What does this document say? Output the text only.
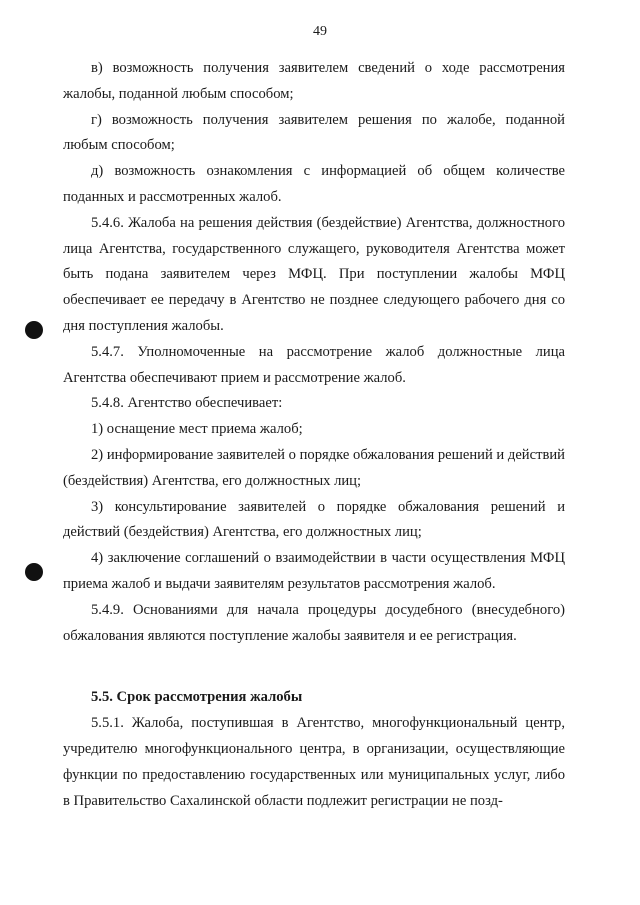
49

в) возможность получения заявителем сведений о ходе рассмотрения жалобы, поданной любым способом;

г) возможность получения заявителем решения по жалобе, поданной любым способом;

д) возможность ознакомления с информацией об общем количестве поданных и рассмотренных жалоб.

5.4.6. Жалоба на решения действия (бездействие) Агентства, должностного лица Агентства, государственного служащего, руководителя Агентства может быть подана заявителем через МФЦ. При поступлении жалобы МФЦ обеспечивает ее передачу в Агентство не позднее следующего рабочего дня со дня поступления жалобы.

5.4.7. Уполномоченные на рассмотрение жалоб должностные лица Агентства обеспечивают прием и рассмотрение жалоб.

5.4.8. Агентство обеспечивает:

1) оснащение мест приема жалоб;

2) информирование заявителей о порядке обжалования решений и действий (бездействия) Агентства, его должностных лиц;

3) консультирование заявителей о порядке обжалования решений и действий (бездействия) Агентства, его должностных лиц;

4) заключение соглашений о взаимодействии в части осуществления МФЦ приема жалоб и выдачи заявителям результатов рассмотрения жалоб.

5.4.9. Основаниями для начала процедуры досудебного (внесудебного) обжалования являются поступление жалобы заявителя и ее регистрация.

5.5. Срок рассмотрения жалобы

5.5.1. Жалоба, поступившая в Агентство, многофункциональный центр, учредителю многофункционального центра, в организации, осуществляющие функции по предоставлению государственных или муниципальных услуг, либо в Правительство Сахалинской области подлежит регистрации не позд-
